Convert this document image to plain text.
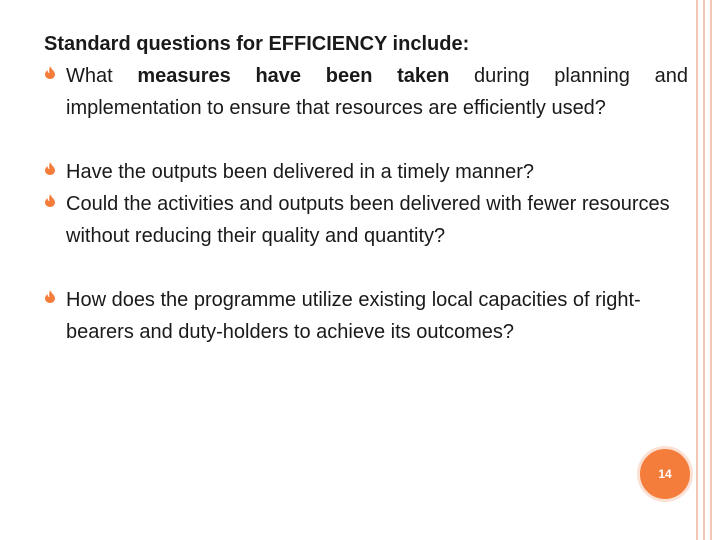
Standard questions for EFFICIENCY include:
What measures have been taken during planning and implementation to ensure that resources are efficiently used?
Have the outputs been delivered in a timely manner?
Could the activities and outputs been delivered with fewer resources without reducing their quality and quantity?
How does the programme utilize existing local capacities of right-bearers and duty-holders to achieve its outcomes?
14
